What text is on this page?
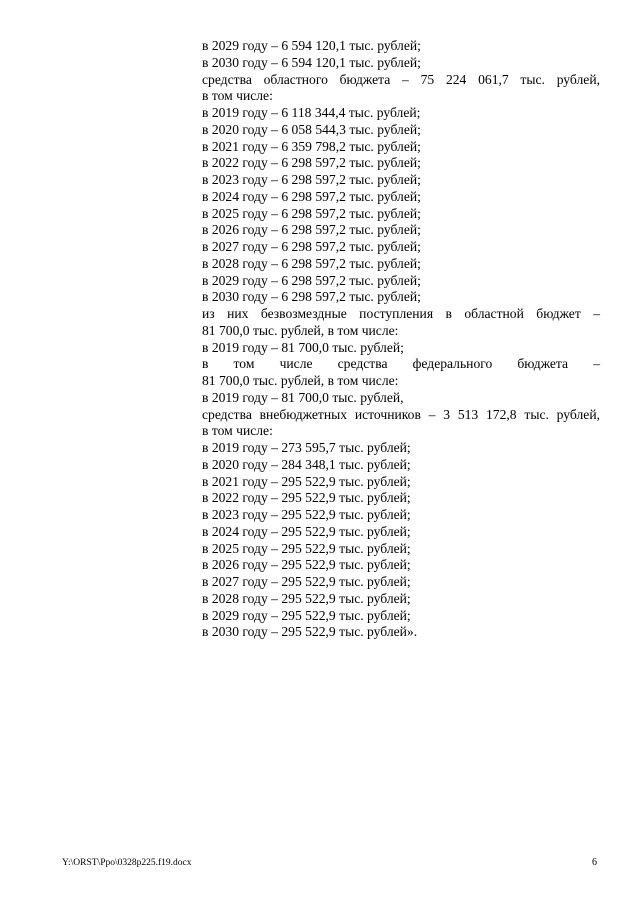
в 2029 году – 6 594 120,1 тыс. рублей;

в 2030 году – 6 594 120,1 тыс. рублей;

средства областного бюджета – 75 224 061,7 тыс. рублей,

в том числе:

в 2019 году – 6 118 344,4 тыс. рублей;

в 2020 году – 6 058 544,3 тыс. рублей;

в 2021 году – 6 359 798,2 тыс. рублей;

в 2022 году – 6 298 597,2 тыс. рублей;

в 2023 году – 6 298 597,2 тыс. рублей;

в 2024 году – 6 298 597,2 тыс. рублей;

в 2025 году – 6 298 597,2 тыс. рублей;

в 2026 году – 6 298 597,2 тыс. рублей;

в 2027 году – 6 298 597,2 тыс. рублей;

в 2028 году – 6 298 597,2 тыс. рублей;

в 2029 году – 6 298 597,2 тыс. рублей;

в 2030 году – 6 298 597,2 тыс. рублей;

из них безвозмездные поступления в областной бюджет –

81 700,0 тыс. рублей, в том числе:

в 2019 году – 81 700,0 тыс. рублей;

в том числе средства федерального бюджета –

81 700,0 тыс. рублей, в том числе:

в 2019 году – 81 700,0 тыс. рублей,

средства внебюджетных источников – 3 513 172,8 тыс. рублей,

в том числе:

в 2019 году – 273 595,7 тыс. рублей;

в 2020 году – 284 348,1 тыс. рублей;

в 2021 году – 295 522,9 тыс. рублей;

в 2022 году – 295 522,9 тыс. рублей;

в 2023 году – 295 522,9 тыс. рублей;

в 2024 году – 295 522,9 тыс. рублей;

в 2025 году – 295 522,9 тыс. рублей;

в 2026 году – 295 522,9 тыс. рублей;

в 2027 году – 295 522,9 тыс. рублей;

в 2028 году – 295 522,9 тыс. рублей;

в 2029 году – 295 522,9 тыс. рублей;

в 2030 году – 295 522,9 тыс. рублей».

Y:\ORST\Ppo\0328p225.f19.docx	6
